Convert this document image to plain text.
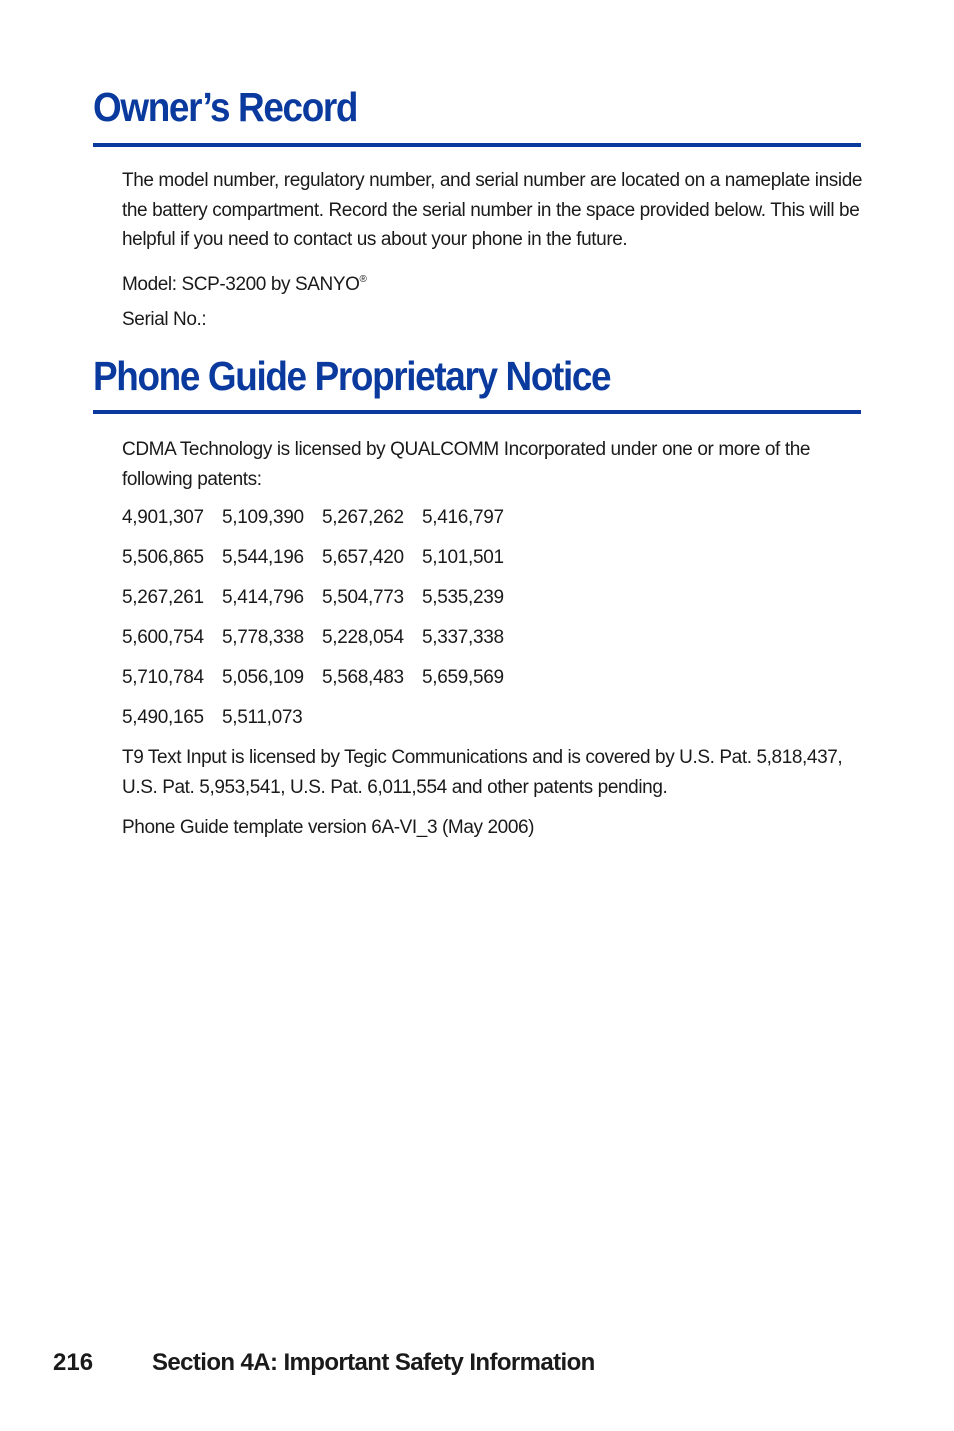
Owner’s Record
The model number, regulatory number, and serial number are located on a nameplate inside
the battery compartment. Record the serial number in the space provided below. This will be
helpful if you need to contact us about your phone in the future.
Model: SCP-3200 by SANYO®
Serial No.:
Phone Guide Proprietary Notice
CDMA Technology is licensed by QUALCOMM Incorporated under one or more of the
following patents:
4,901,307 5,109,390 5,267,262 5,416,797
5,506,865 5,544,196 5,657,420 5,101,501
5,267,261 5,414,796 5,504,773 5,535,239
5,600,754 5,778,338 5,228,054 5,337,338
5,710,784 5,056,109 5,568,483 5,659,569
5,490,165 5,511,073
T9 Text Input is licensed by Tegic Communications and is covered by U.S. Pat. 5,818,437,
U.S. Pat. 5,953,541, U.S. Pat. 6,011,554 and other patents pending.
Phone Guide template version 6A-VI_3 (May 2006)
216 Section 4A: Important Safety Information
